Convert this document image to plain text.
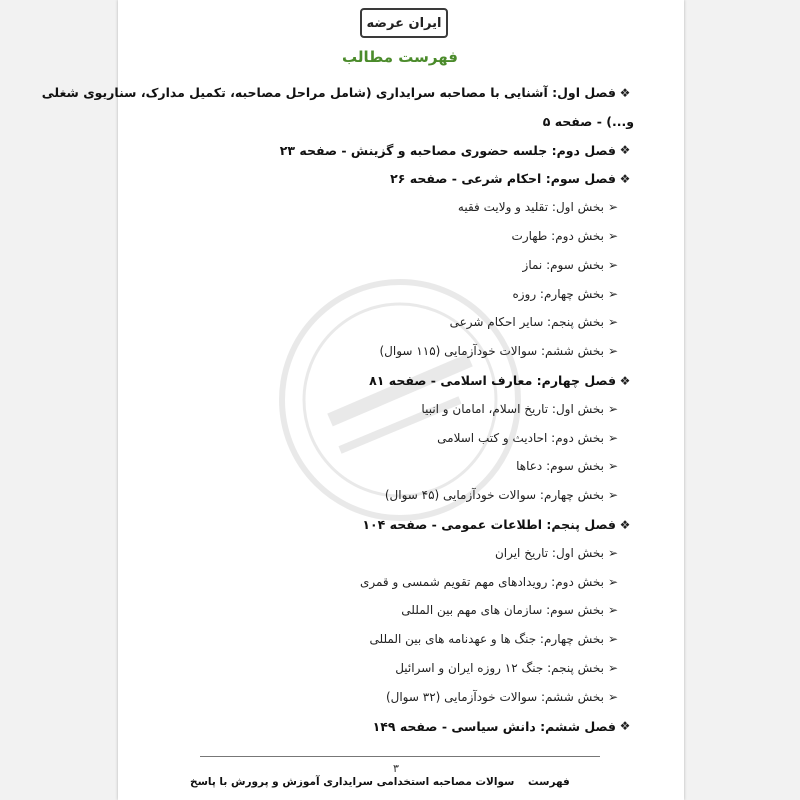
ایران عرضه
فهرست مطالب
❖
فصل اول: آشنایی با مصاحبه سرایداری (شامل مراحل مصاحبه، تکمیل مدارک، سناریوی شغلی
و...) - صفحه ۵
❖
فصل دوم: جلسه حضوری مصاحبه و گزینش - صفحه ۲۳
❖
فصل سوم: احکام شرعی - صفحه ۲۶
➢
بخش اول: تقلید و ولایت فقیه
➢
بخش دوم: طهارت
➢
بخش سوم: نماز
➢
بخش چهارم: روزه
➢
بخش پنجم: سایر احکام شرعی
➢
بخش ششم: سوالات خودآزمایی (۱۱۵ سوال)
❖
فصل چهارم: معارف اسلامی - صفحه ۸۱
➢
بخش اول: تاریخ اسلام، امامان و انبیا
➢
بخش دوم: احادیث و کتب اسلامی
➢
بخش سوم: دعاها
➢
بخش چهارم: سوالات خودآزمایی (۴۵ سوال)
❖
فصل پنجم: اطلاعات عمومی - صفحه ۱۰۴
➢
بخش اول: تاریخ ایران
➢
بخش دوم: رویدادهای مهم تقویم شمسی و قمری
➢
بخش سوم: سازمان های مهم بین المللی
➢
بخش چهارم: جنگ ها و عهدنامه های بین المللی
➢
بخش پنجم: جنگ ۱۲ روزه ایران و اسرائیل
➢
بخش ششم: سوالات خودآزمایی (۳۲ سوال)
❖
فصل ششم: دانش سیاسی - صفحه ۱۴۹
۳
سوالات مصاحبه استخدامی سرایداری آموزش و پرورش با پاسخ فهرست
